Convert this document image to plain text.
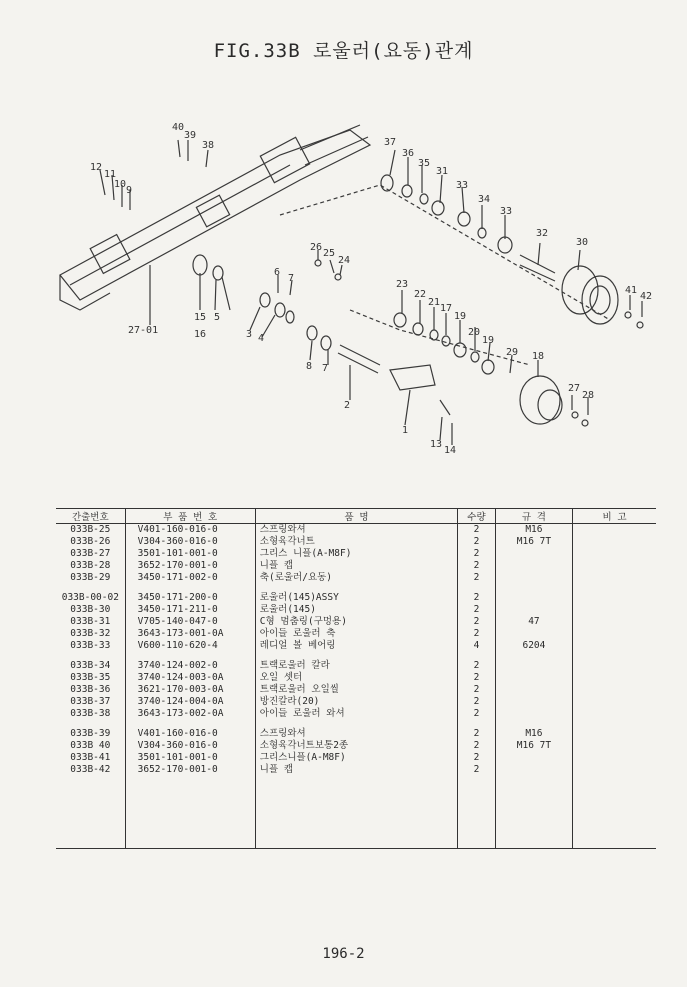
FIG.33B 로울러(요동)관계
40
39
38	37
36
35
31
33
34
33
32
30
12
11
10
9
26
25
24
6
7
23
22
21
17
19
20
19
29 18
41
42
15
16
5
3 4
8 7
2
1
13
14
27
28
27-01
간출번호	부 품 번 호	품 명	수량	규 격	비 고
033B-25	V401-160-016-0	스프링와셔	2	M16	
033B-26	V304-360-016-0	소형육각너트	2	M16 7T	
033B-27	3501-101-001-0	그리스 니플(A-M8F)	2		
033B-28	3652-170-001-0	니플 캡	2		
033B-29	3450-171-002-0	축(로울러/요동)	2		

033B-00-02	3450-171-200-0	로울러(145)ASSY	2		
033B-30	3450-171-211-0	로울러(145)	2		
033B-31	V705-140-047-0	C형 멈춤링(구멍용)	2	47	
033B-32	3643-173-001-0A	아이들 로울러 축	2		
033B-33	V600-110-620-4	레디얼 볼 베어링	4	6204	

033B-34	3740-124-002-0	트랙로울러 칼라	2		
033B-35	3740-124-003-0A	오일 셋터	2		
033B-36	3621-170-003-0A	트랙로울러 오일씰	2		
033B-37	3740-124-004-0A	방진칼라(20)	2		
033B-38	3643-173-002-0A	아이들 로울러 와셔	2		

033B-39	V401-160-016-0	스프링와셔	2	M16	
033B 40	V304-360-016-0	소형육각너트보통2종	2	M16 7T	
033B-41	3501-101-001-0	그리스니플(A-M8F)	2		
033B-42	3652-170-001-0	니플 캡	2		

196-2
